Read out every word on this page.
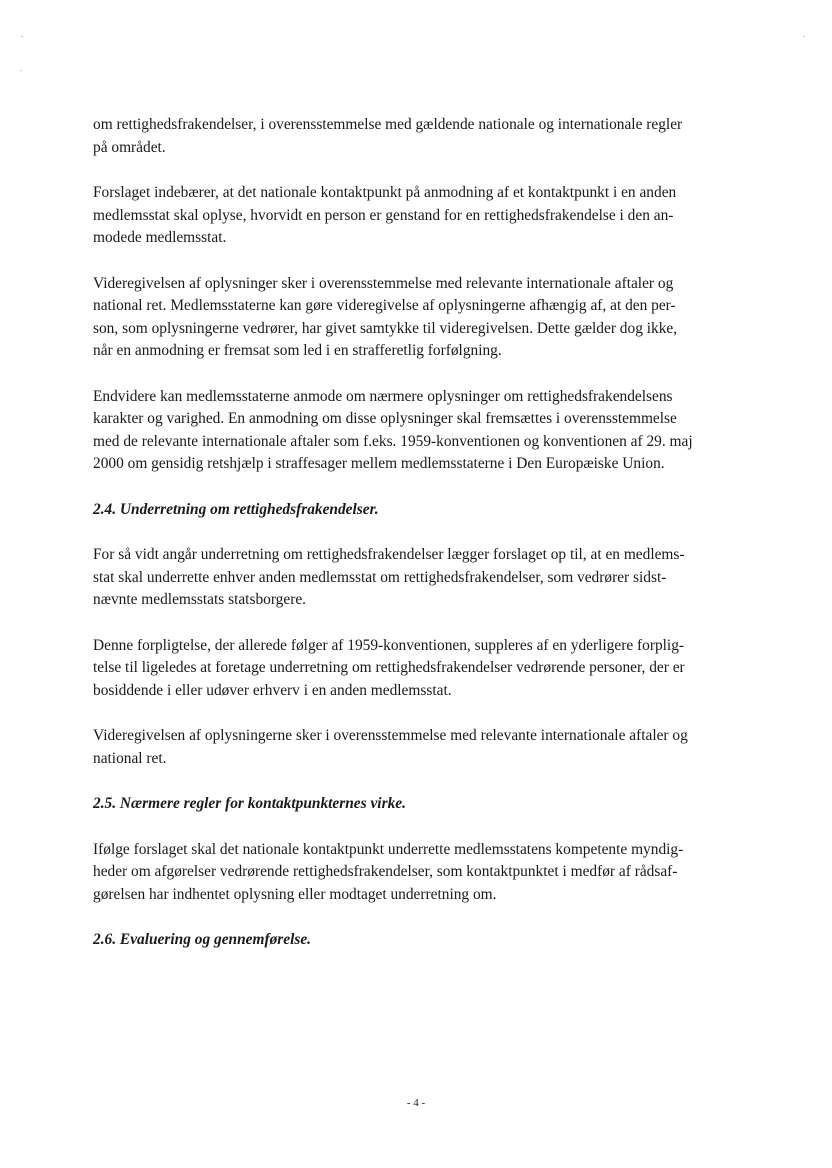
om rettighedsfrakendelser, i overensstemmelse med gældende nationale og internationale regler
på området.

Forslaget indebærer, at det nationale kontaktpunkt på anmodning af et kontaktpunkt i en anden
medlemsstat skal oplyse, hvorvidt en person er genstand for en rettighedsfrakendelse i den an-
modede medlemsstat.

Videregivelsen af oplysninger sker i overensstemmelse med relevante internationale aftaler og
national ret. Medlemsstaterne kan gøre videregivelse af oplysningerne afhængig af, at den per-
son, som oplysningerne vedrører, har givet samtykke til videregivelsen. Dette gælder dog ikke,
når en anmodning er fremsat som led i en strafferetlig forfølgning.

Endvidere kan medlemsstaterne anmode om nærmere oplysninger om rettighedsfrakendelsens
karakter og varighed. En anmodning om disse oplysninger skal fremsættes i overensstemmelse
med de relevante internationale aftaler som f.eks. 1959-konventionen og konventionen af 29. maj
2000 om gensidig retshjælp i straffesager mellem medlemsstaterne i Den Europæiske Union.

2.4. Underretning om rettighedsfrakendelser.

For så vidt angår underretning om rettighedsfrakendelser lægger forslaget op til, at en medlems-
stat skal underrette enhver anden medlemsstat om rettighedsfrakendelser, som vedrører sidst-
nævnte medlemsstats statsborgere.

Denne forpligtelse, der allerede følger af 1959-konventionen, suppleres af en yderligere forplig-
telse til ligeledes at foretage underretning om rettighedsfrakendelser vedrørende personer, der er
bosiddende i eller udøver erhverv i en anden medlemsstat.

Videregivelsen af oplysningerne sker i overensstemmelse med relevante internationale aftaler og
national ret.

2.5. Nærmere regler for kontaktpunkternes virke.

Ifølge forslaget skal det nationale kontaktpunkt underrette medlemsstatens kompetente myndig-
heder om afgørelser vedrørende rettighedsfrakendelser, som kontaktpunktet i medfør af rådsaf-
gørelsen har indhentet oplysning eller modtaget underretning om.

2.6. Evaluering og gennemførelse.
- 4 -
